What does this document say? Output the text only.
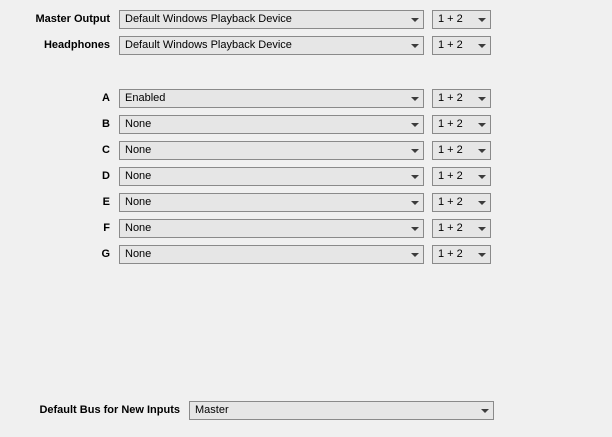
Master Output	Default Windows Playback Device	1 + 2
Headphones	Default Windows Playback Device	1 + 2
A	Enabled	1 + 2
B	None	1 + 2
C	None	1 + 2
D	None	1 + 2
E	None	1 + 2
F	None	1 + 2
G	None	1 + 2
Default Bus for New Inputs	Master
